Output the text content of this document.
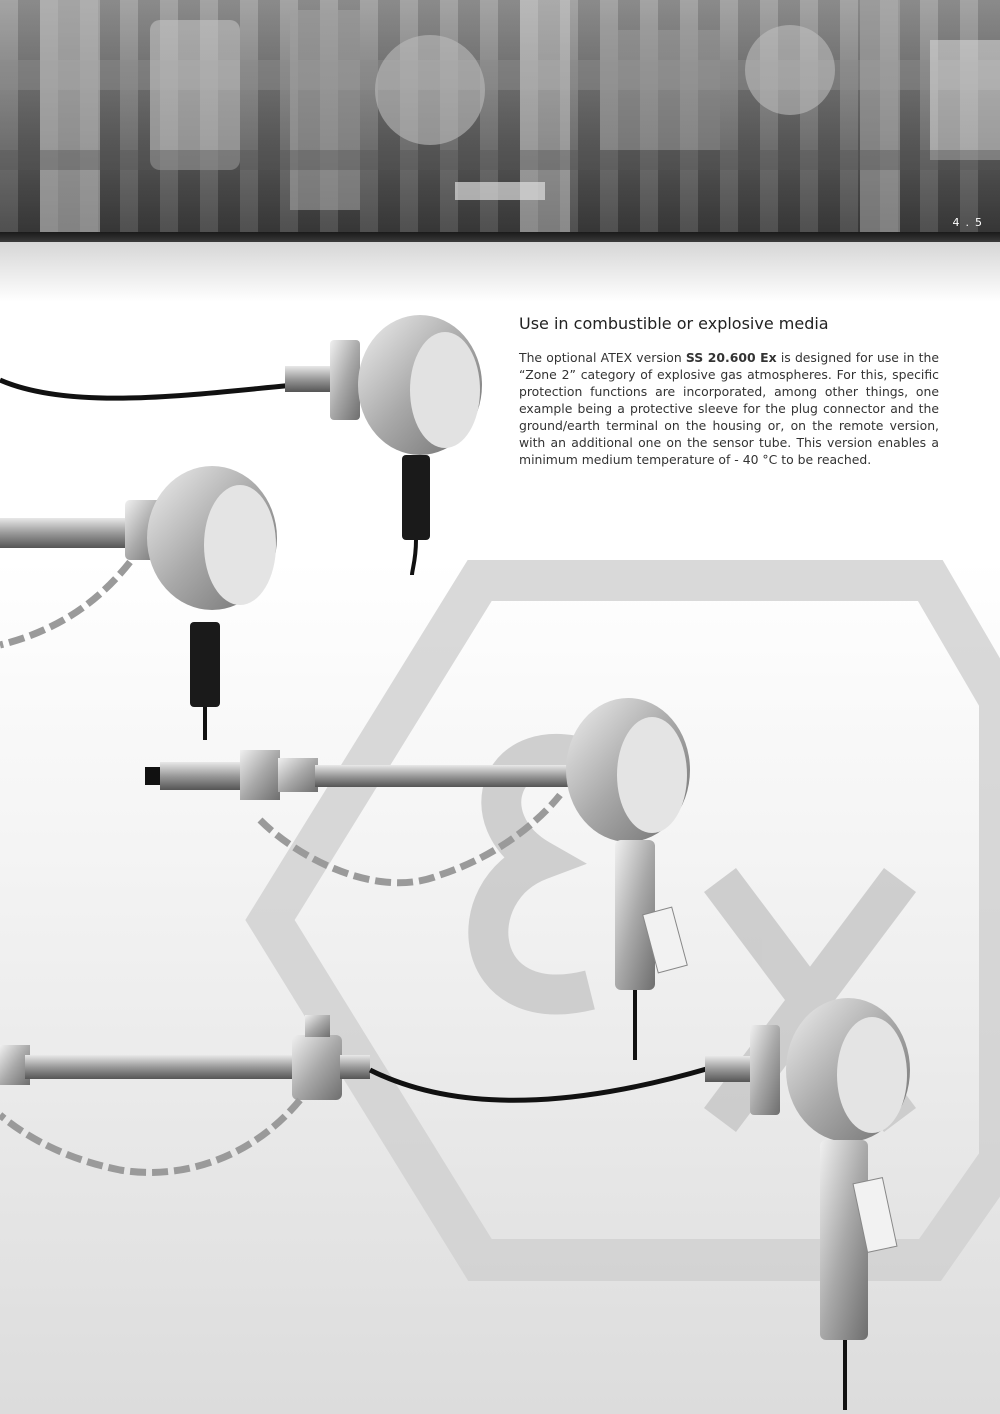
4.5
Use in combustible or explosive media

The optional ATEX version SS 20.600 Ex is designed for use in the “Zone 2” category of explosive gas atmospheres. For this, specific protection functions are incorporated, among other things, one example being a protective sleeve for the plug connector and the ground/earth terminal on the housing or, on the remote version, with an additional one on the sensor tube. This version enables a minimum medium temperature of - 40 °C to be reached.
